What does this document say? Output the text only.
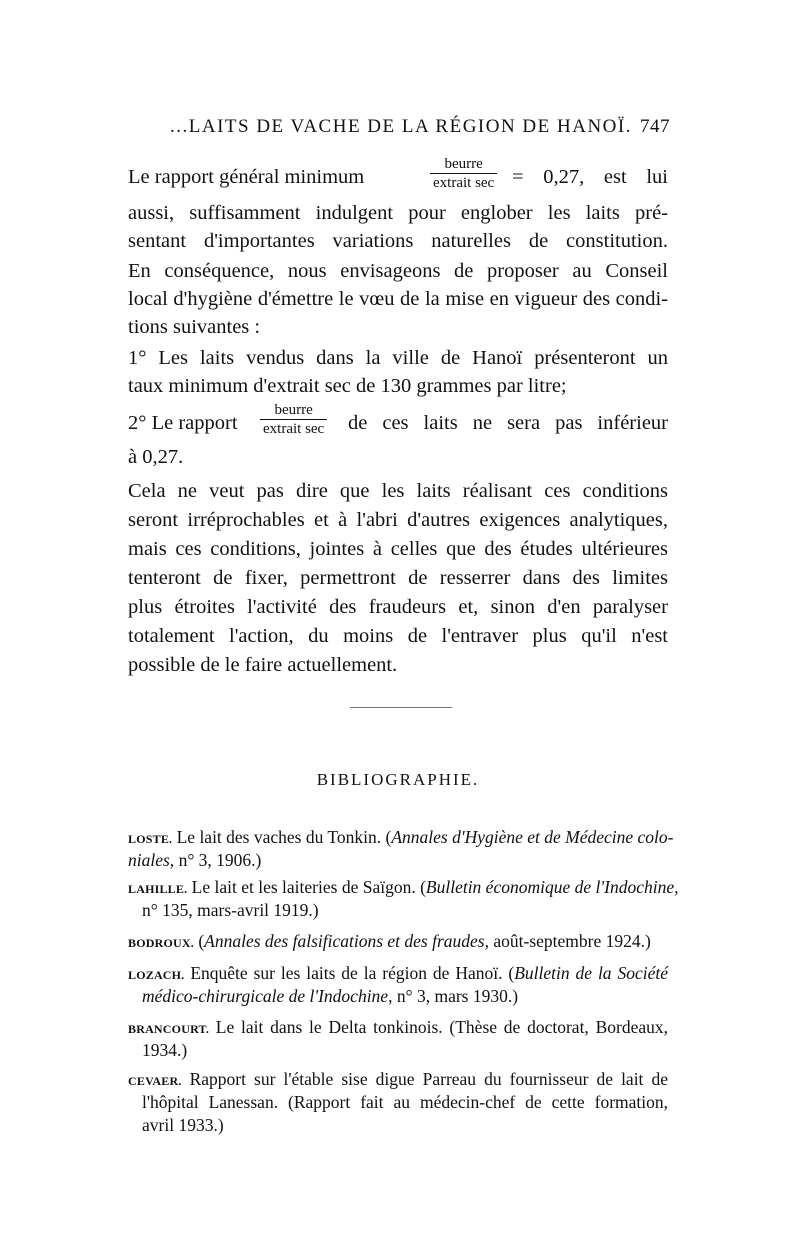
...LAITS DE VACHE DE LA RÉGION DE HANOÏ. 747
Le rapport général minimum
beurre
extrait sec = 0,27, est lui
aussi, suffisamment indulgent pour englober les laits pré-
sentant d'importantes variations naturelles de constitution.
En conséquence, nous envisageons de proposer au Conseil
local d'hygiène d'émettre le vœu de la mise en vigueur des condi-
tions suivantes :
1° Les laits vendus dans la ville de Hanoï présenteront un
taux minimum d'extrait sec de 130 grammes par litre;
2° Le rapport
beurre
extrait sec de ces laits ne sera pas inférieur
à 0,27.
Cela ne veut pas dire que les laits réalisant ces conditions
seront irréprochables et à l'abri d'autres exigences analytiques,
mais ces conditions, jointes à celles que des études ultérieures
tenteront de fixer, permettront de resserrer dans des limites
plus étroites l'activité des fraudeurs et, sinon d'en paralyser
totalement l'action, du moins de l'entraver plus qu'il n'est
possible de le faire actuellement.
BIBLIOGRAPHIE.
LOSTE. Le lait des vaches du Tonkin. (Annales d'Hygiène et de Médecine colo-
niales, n° 3, 1906.)
LAHILLE. Le lait et les laiteries de Saïgon. (Bulletin économique de l'Indochine,
n° 135, mars-avril 1919.)
BODROUX. (Annales des falsifications et des fraudes, août-septembre 1924.)
LOZACH. Enquête sur les laits de la région de Hanoï. (Bulletin de la Société
médico-chirurgicale de l'Indochine, n° 3, mars 1930.)
BRANCOURT. Le lait dans le Delta tonkinois. (Thèse de doctorat, Bordeaux,
1934.)
CEVAER. Rapport sur l'étable sise digue Parreau du fournisseur de lait de
l'hôpital Lanessan. (Rapport fait au médecin-chef de cette formation,
avril 1933.)
